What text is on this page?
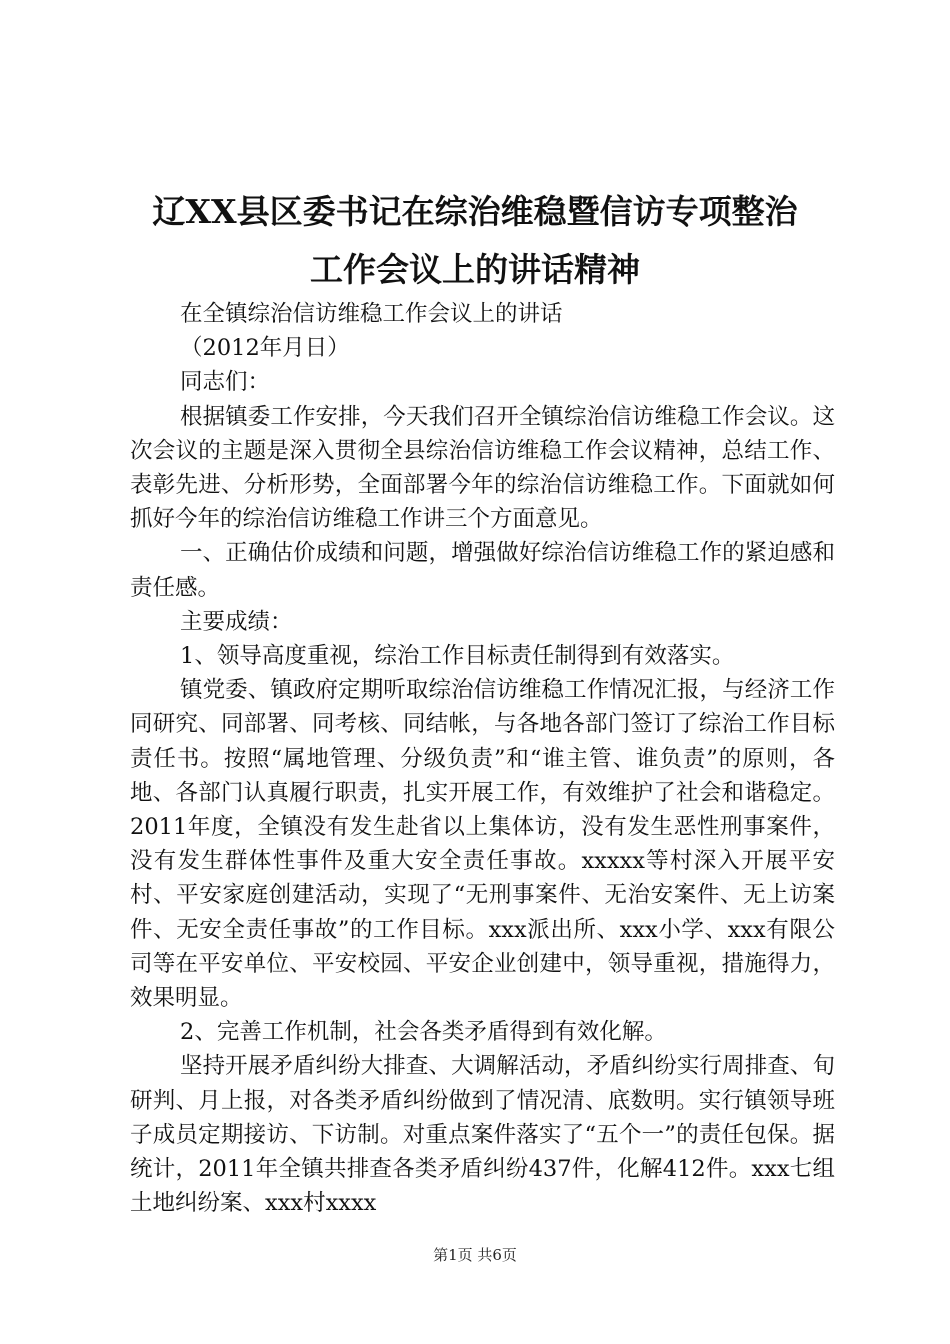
辽XX县区委书记在综治维稳暨信访专项整治
工作会议上的讲话精神

在全镇综治信访维稳工作会议上的讲话

（2012年月日）

同志们：

根据镇委工作安排，今天我们召开全镇综治信访维稳工作会议。这次会议的主题是深入贯彻全县综治信访维稳工作会议精神，总结工作、表彰先进、分析形势，全面部署今年的综治信访维稳工作。下面就如何抓好今年的综治信访维稳工作讲三个方面意见。

一、正确估价成绩和问题，增强做好综治信访维稳工作的紧迫感和责任感。

主要成绩：

1、领导高度重视，综治工作目标责任制得到有效落实。

镇党委、镇政府定期听取综治信访维稳工作情况汇报，与经济工作同研究、同部署、同考核、同结帐，与各地各部门签订了综治工作目标责任书。按照“属地管理、分级负责”和“谁主管、谁负责”的原则，各地、各部门认真履行职责，扎实开展工作，有效维护了社会和谐稳定。2011年度，全镇没有发生赴省以上集体访，没有发生恶性刑事案件，没有发生群体性事件及重大安全责任事故。xxxxx等村深入开展平安村、平安家庭创建活动，实现了“无刑事案件、无治安案件、无上访案件、无安全责任事故”的工作目标。xxx派出所、xxx小学、xxx有限公司等在平安单位、平安校园、平安企业创建中，领导重视，措施得力，效果明显。

2、完善工作机制，社会各类矛盾得到有效化解。

坚持开展矛盾纠纷大排查、大调解活动，矛盾纠纷实行周排查、旬研判、月上报，对各类矛盾纠纷做到了情况清、底数明。实行镇领导班子成员定期接访、下访制。对重点案件落实了“五个一”的责任包保。据统计，2011年全镇共排查各类矛盾纠纷437件，化解412件。xxx七组土地纠纷案、xxx村xxxx

第1页 共6页
